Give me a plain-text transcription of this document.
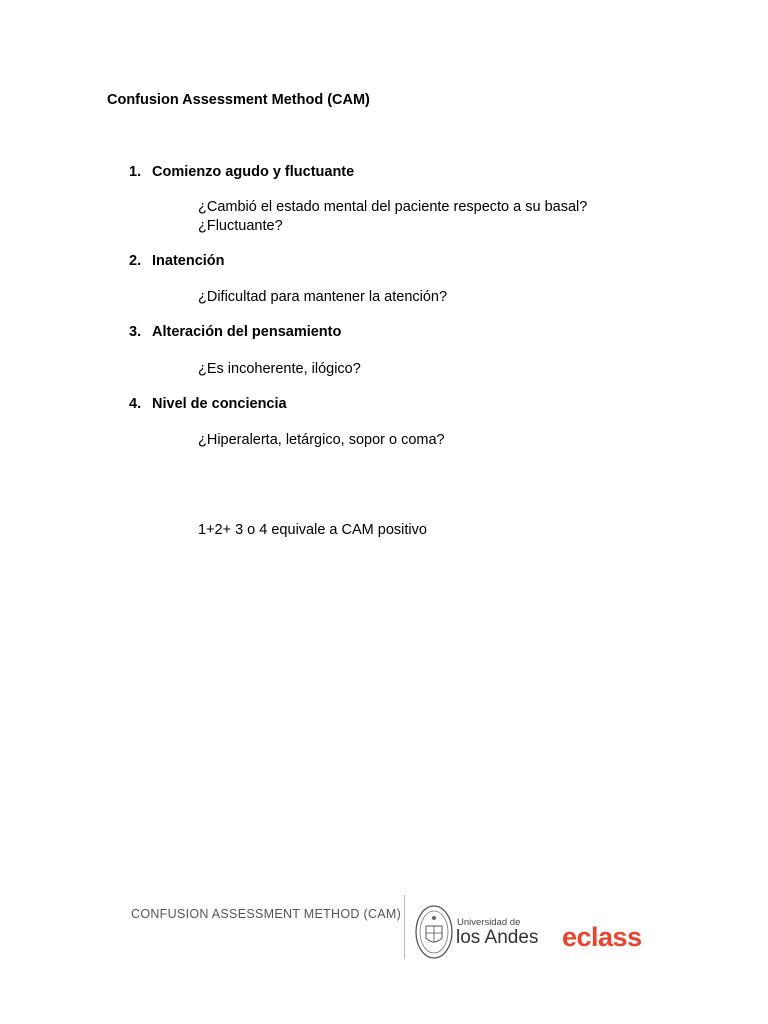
Confusion Assessment Method (CAM)
1. Comienzo agudo y fluctuante
¿Cambió el estado mental del paciente respecto a su basal?
¿Fluctuante?
2. Inatención
¿Dificultad para mantener la atención?
3. Alteración del pensamiento
¿Es incoherente, ilógico?
4. Nivel de conciencia
¿Hiperalerta, letárgico, sopor o coma?
1+2+ 3 o 4 equivale a CAM positivo
CONFUSION ASSESSMENT METHOD (CAM)
Universidad de
los Andes eclass
